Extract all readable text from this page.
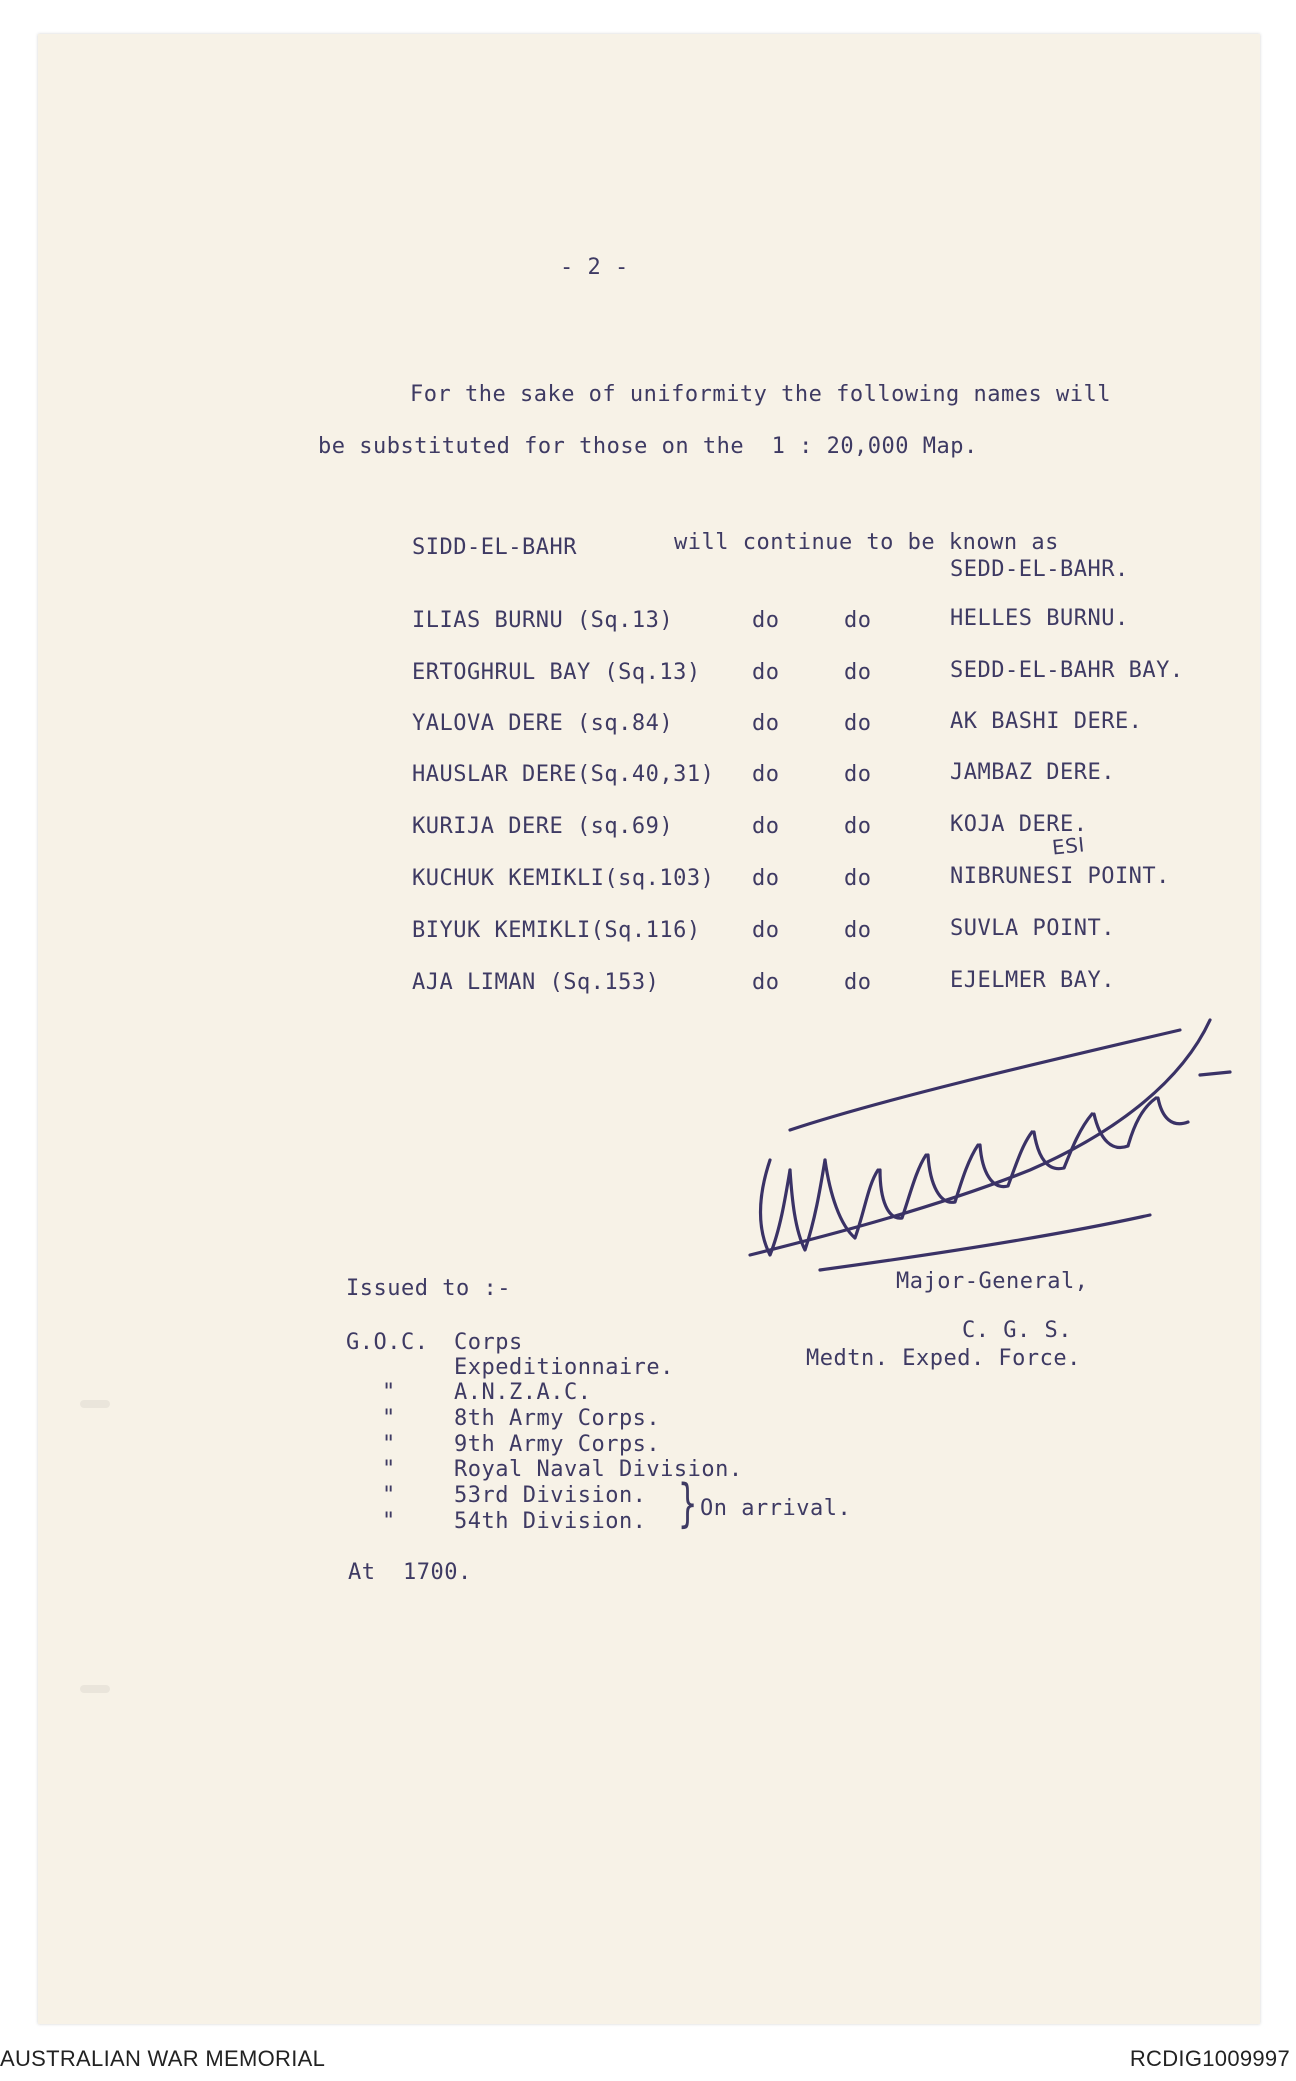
- 2 -
For the sake of uniformity the following names will
be substituted for those on the  1 : 20,000 Map.
SIDD-EL-BAHR	will continue to be known as
SEDD-EL-BAHR.
ILIAS BURNU (Sq.13)	do	do	HELLES BURNU.
ERTOGHRUL BAY (Sq.13) do	do	SEDD-EL-BAHR BAY.
YALOVA DERE (sq.84)	do	do	AK BASHI DERE.
HAUSLAR DERE(Sq.40,31) do	do	JAMBAZ DERE.
KURIJA DERE (sq.69)	do	do	KOJA DERE.
ESI
KUCHUK KEMIKLI(sq.103) do	do	NIBRUNESI POINT.
BIYUK KEMIKLI(Sq.116) do	do	SUVLA POINT.
AJA LIMAN (Sq.153)	do	do	EJELMER BAY.
Major-General,
C. G. S.
Medtn. Exped. Force.
Issued to :-
G.O.C. Corps
Expeditionnaire.
"	A.N.Z.A.C.
"	8th Army Corps.
"	9th Army Corps.
"	Royal Naval Division.
"	53rd Division.
"	54th Division. } On arrival.
At  1700.
AUSTRALIAN WAR MEMORIAL	RCDIG1009997
